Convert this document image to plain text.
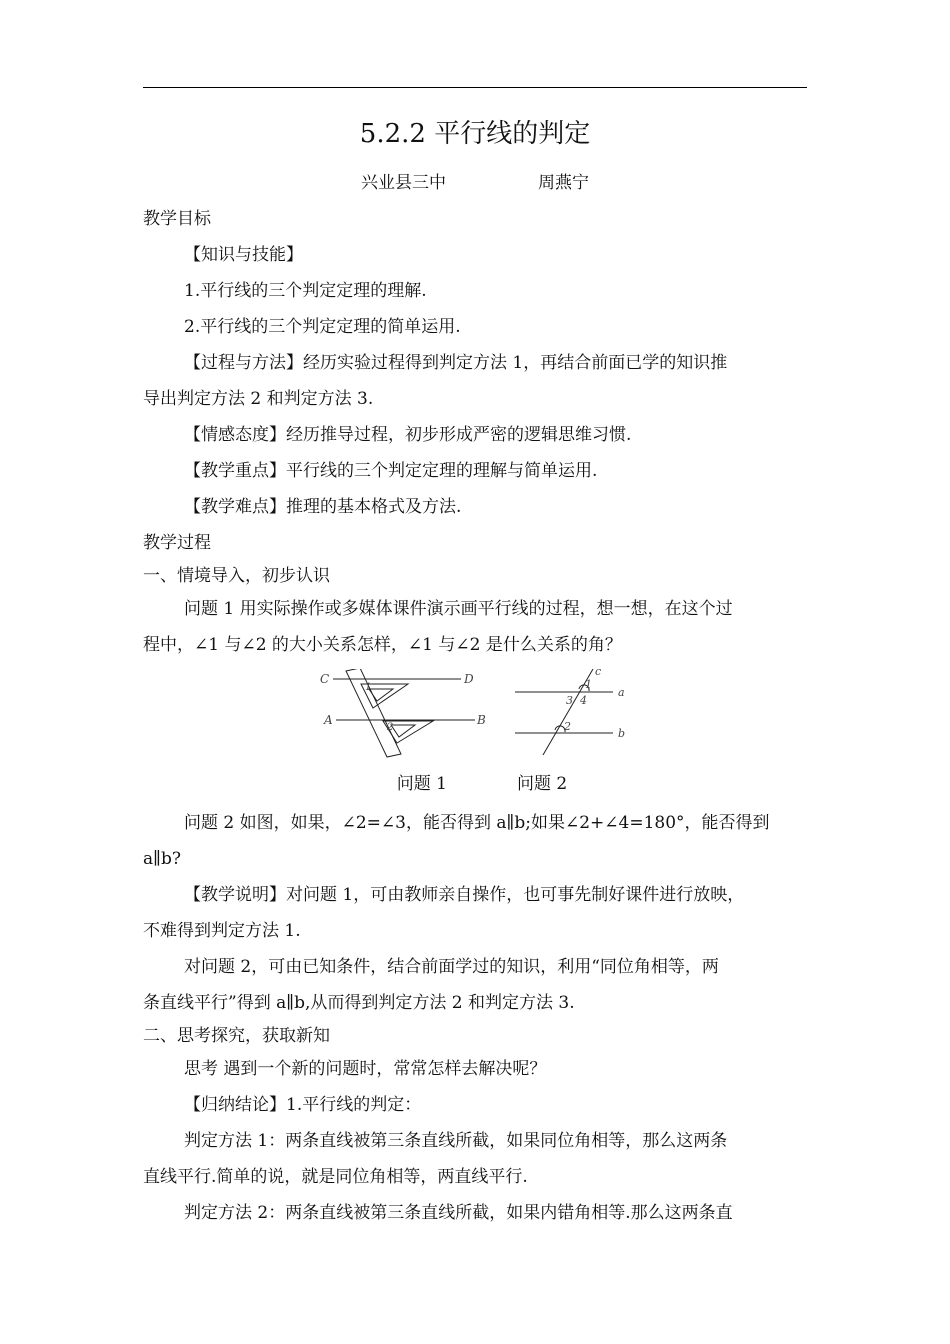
5.2.2 平行线的判定
兴业县三中	周燕宁

教学目标

【知识与技能】

1.平行线的三个判定定理的理解.

2.平行线的三个判定定理的简单运用.

【过程与方法】经历实验过程得到判定方法 1，再结合前面已学的知识推

导出判定方法 2 和判定方法 3.

【情感态度】经历推导过程，初步形成严密的逻辑思维习惯.

【教学重点】平行线的三个判定定理的理解与简单运用.

【教学难点】推理的基本格式及方法.

教学过程

一、情境导入，初步认识

问题 1 用实际操作或多媒体课件演示画平行线的过程，想一想，在这个过

程中，∠1 与∠2 的大小关系怎样，∠1 与∠2 是什么关系的角？

C	D
A	B
1
2
c
a
b
1
3 4
2
问题 1	问题 2

问题 2 如图，如果，∠2=∠3，能否得到 a∥b;如果∠2+∠4=180°，能否得到

a∥b?

【教学说明】对问题 1，可由教师亲自操作，也可事先制好课件进行放映，

不难得到判定方法 1.

对问题 2，可由已知条件，结合前面学过的知识，利用“同位角相等，两

条直线平行”得到 a∥b,从而得到判定方法 2 和判定方法 3.

二、思考探究，获取新知

思考 遇到一个新的问题时，常常怎样去解决呢？

【归纳结论】1.平行线的判定：

判定方法 1：两条直线被第三条直线所截，如果同位角相等，那么这两条

直线平行.简单的说，就是同位角相等，两直线平行.

判定方法 2：两条直线被第三条直线所截，如果内错角相等.那么这两条直
